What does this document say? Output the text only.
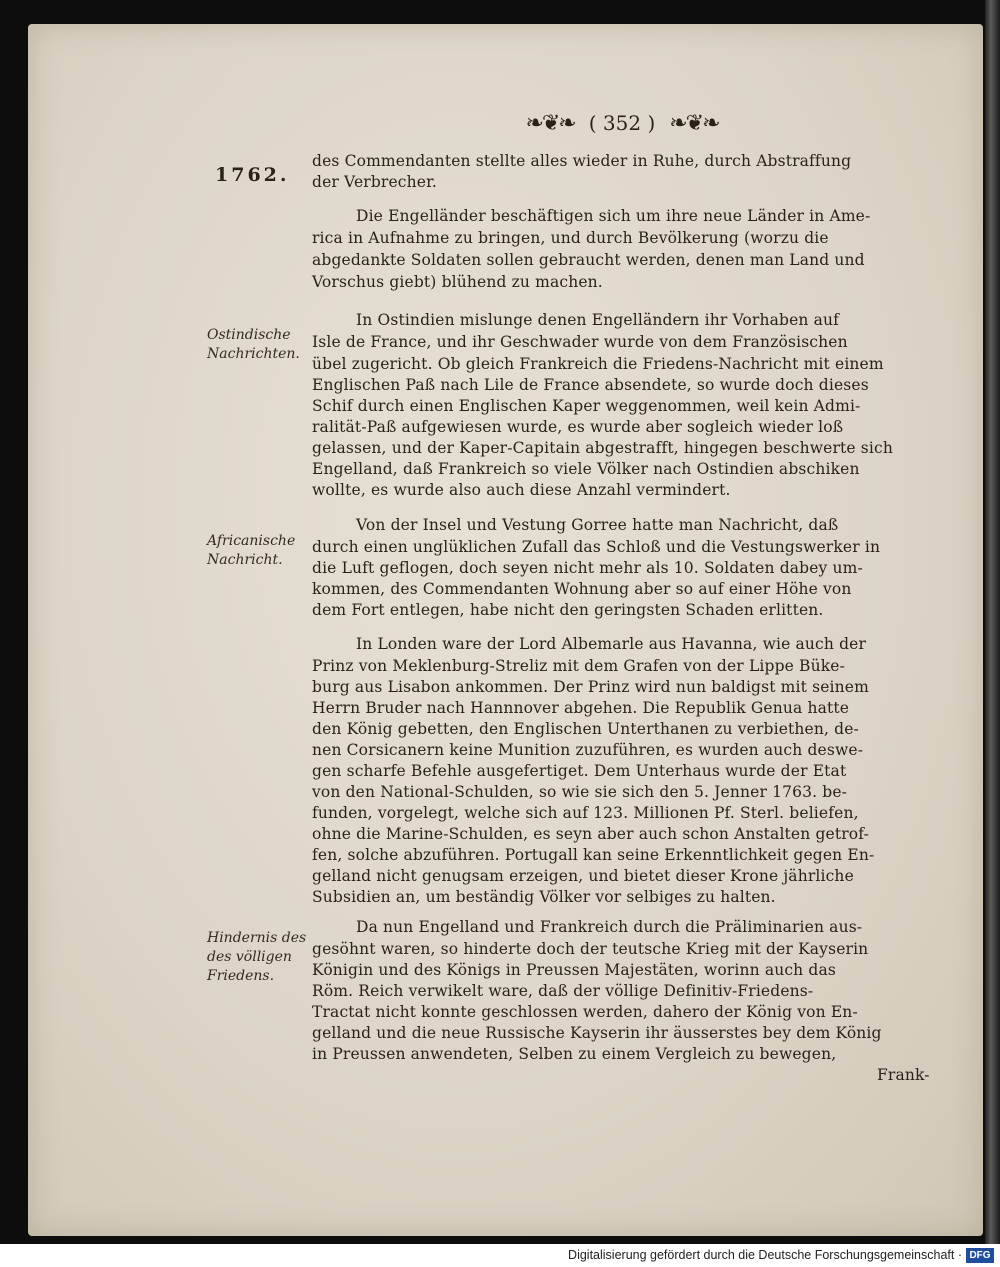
❧❦❧ ( 352 ) ❧❦❧
1762.
Ostindische
Nachrichten.
Africanische
Nachricht.
Hindernis des
des völligen
Friedens.
des Commendanten stellte alles wieder in Ruhe, durch Abstraffung
der Verbrecher.
Die Engelländer beschäftigen sich um ihre neue Länder in Ame-
rica in Aufnahme zu bringen, und durch Bevölkerung (worzu die
abgedankte Soldaten sollen gebraucht werden, denen man Land und
Vorschus giebt) blühend zu machen.
In Ostindien mislunge denen Engelländern ihr Vorhaben auf
Isle de France, und ihr Geschwader wurde von dem Französischen
übel zugericht. Ob gleich Frankreich die Friedens-Nachricht mit einem
Englischen Paß nach Lile de France absendete, so wurde doch dieses
Schif durch einen Englischen Kaper weggenommen, weil kein Admi-
ralität-Paß aufgewiesen wurde, es wurde aber sogleich wieder loß
gelassen, und der Kaper-Capitain abgestrafft, hingegen beschwerte sich
Engelland, daß Frankreich so viele Völker nach Ostindien abschiken
wollte, es wurde also auch diese Anzahl vermindert.
Von der Insel und Vestung Gorree hatte man Nachricht, daß
durch einen unglüklichen Zufall das Schloß und die Vestungswerker in
die Luft geflogen, doch seyen nicht mehr als 10. Soldaten dabey um-
kommen, des Commendanten Wohnung aber so auf einer Höhe von
dem Fort entlegen, habe nicht den geringsten Schaden erlitten.
In Londen ware der Lord Albemarle aus Havanna, wie auch der
Prinz von Meklenburg-Streliz mit dem Grafen von der Lippe Büke-
burg aus Lisabon ankommen. Der Prinz wird nun baldigst mit seinem
Herrn Bruder nach Hannnover abgehen. Die Republik Genua hatte
den König gebetten, den Englischen Unterthanen zu verbiethen, de-
nen Corsicanern keine Munition zuzuführen, es wurden auch deswe-
gen scharfe Befehle ausgefertiget. Dem Unterhaus wurde der Etat
von den National-Schulden, so wie sie sich den 5. Jenner 1763. be-
funden, vorgelegt, welche sich auf 123. Millionen Pf. Sterl. beliefen,
ohne die Marine-Schulden, es seyn aber auch schon Anstalten getrof-
fen, solche abzuführen. Portugall kan seine Erkenntlichkeit gegen En-
gelland nicht genugsam erzeigen, und bietet dieser Krone jährliche
Subsidien an, um beständig Völker vor selbiges zu halten.
Da nun Engelland und Frankreich durch die Präliminarien aus-
gesöhnt waren, so hinderte doch der teutsche Krieg mit der Kayserin
Königin und des Königs in Preussen Majestäten, worinn auch das
Röm. Reich verwikelt ware, daß der völlige Definitiv-Friedens-
Tractat nicht konnte geschlossen werden, dahero der König von En-
gelland und die neue Russische Kayserin ihr äusserstes bey dem König
in Preussen anwendeten, Selben zu einem Vergleich zu bewegen,
Frank-
Digitalisierung gefördert durch die Deutsche Forschungsgemeinschaft · DFG
